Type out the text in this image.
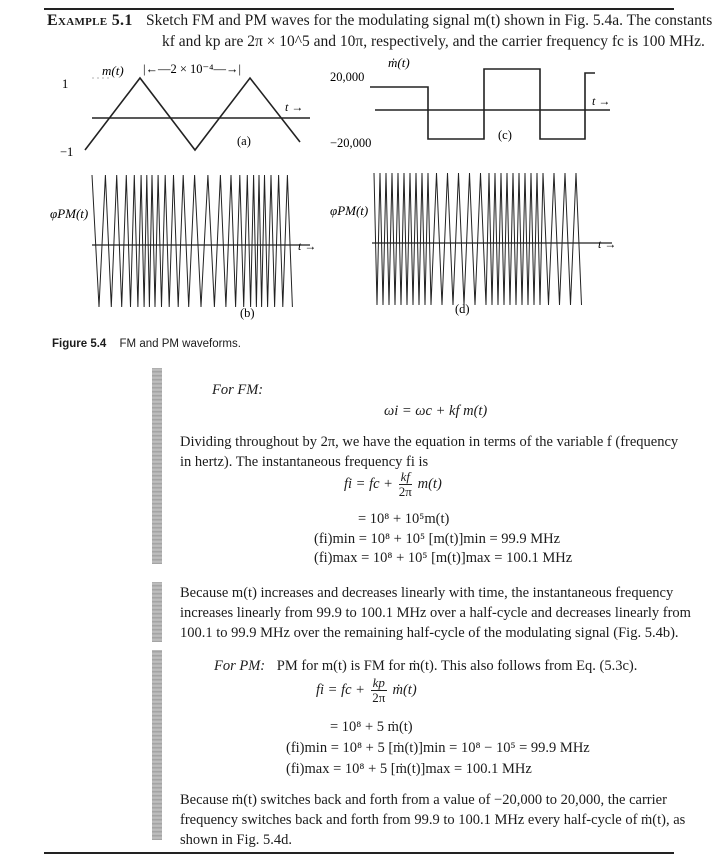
Example 5.1 Sketch FM and PM waves for the modulating signal m(t) shown in Fig. 5.4a. The constants
kf and kp are 2π × 10^5 and 10π, respectively, and the carrier frequency fc is 100 MHz.
m(t) |←—2 × 10⁻⁴—→|
1
−1
(a)
t →
φPM(t)
(b)
t →
ṁ(t)
20,000
−20,000
(c)
t →
φPM(t)
(d)
t →
Figure 5.4 FM and PM waveforms.
For FM:
ωi = ωc + kf m(t)
Dividing throughout by 2π, we have the equation in terms of the variable f (frequency
in hertz). The instantaneous frequency fi is
fi = fc + $\frac{kf}{2\pi} m(t)$
= 10⁸ + 10⁵m(t)
(fi)min = 10⁸ + 10⁵ [m(t)]min = 99.9 MHz
(fi)max = 10⁸ + 10⁵ [m(t)]max = 100.1 MHz
Because m(t) increases and decreases linearly with time, the instantaneous frequency
increases linearly from 99.9 to 100.1 MHz over a half-cycle and decreases linearly from
100.1 to 99.9 MHz over the remaining half-cycle of the modulating signal (Fig. 5.4b).
For PM: PM for m(t) is FM for ṁ(t). This also follows from Eq. (5.3c).
fi = fc + $\frac{kp}{2\pi}$ ṁ(t)
= 10⁸ + 5 ṁ(t)
(fi)min = 10⁸ + 5 [ṁ(t)]min = 10⁸ − 10⁵ = 99.9 MHz
(fi)max = 10⁸ + 5 [ṁ(t)]max = 100.1 MHz
Because ṁ(t) switches back and forth from a value of −20,000 to 20,000, the carrier
frequency switches back and forth from 99.9 to 100.1 MHz every half-cycle of ṁ(t), as
shown in Fig. 5.4d.
